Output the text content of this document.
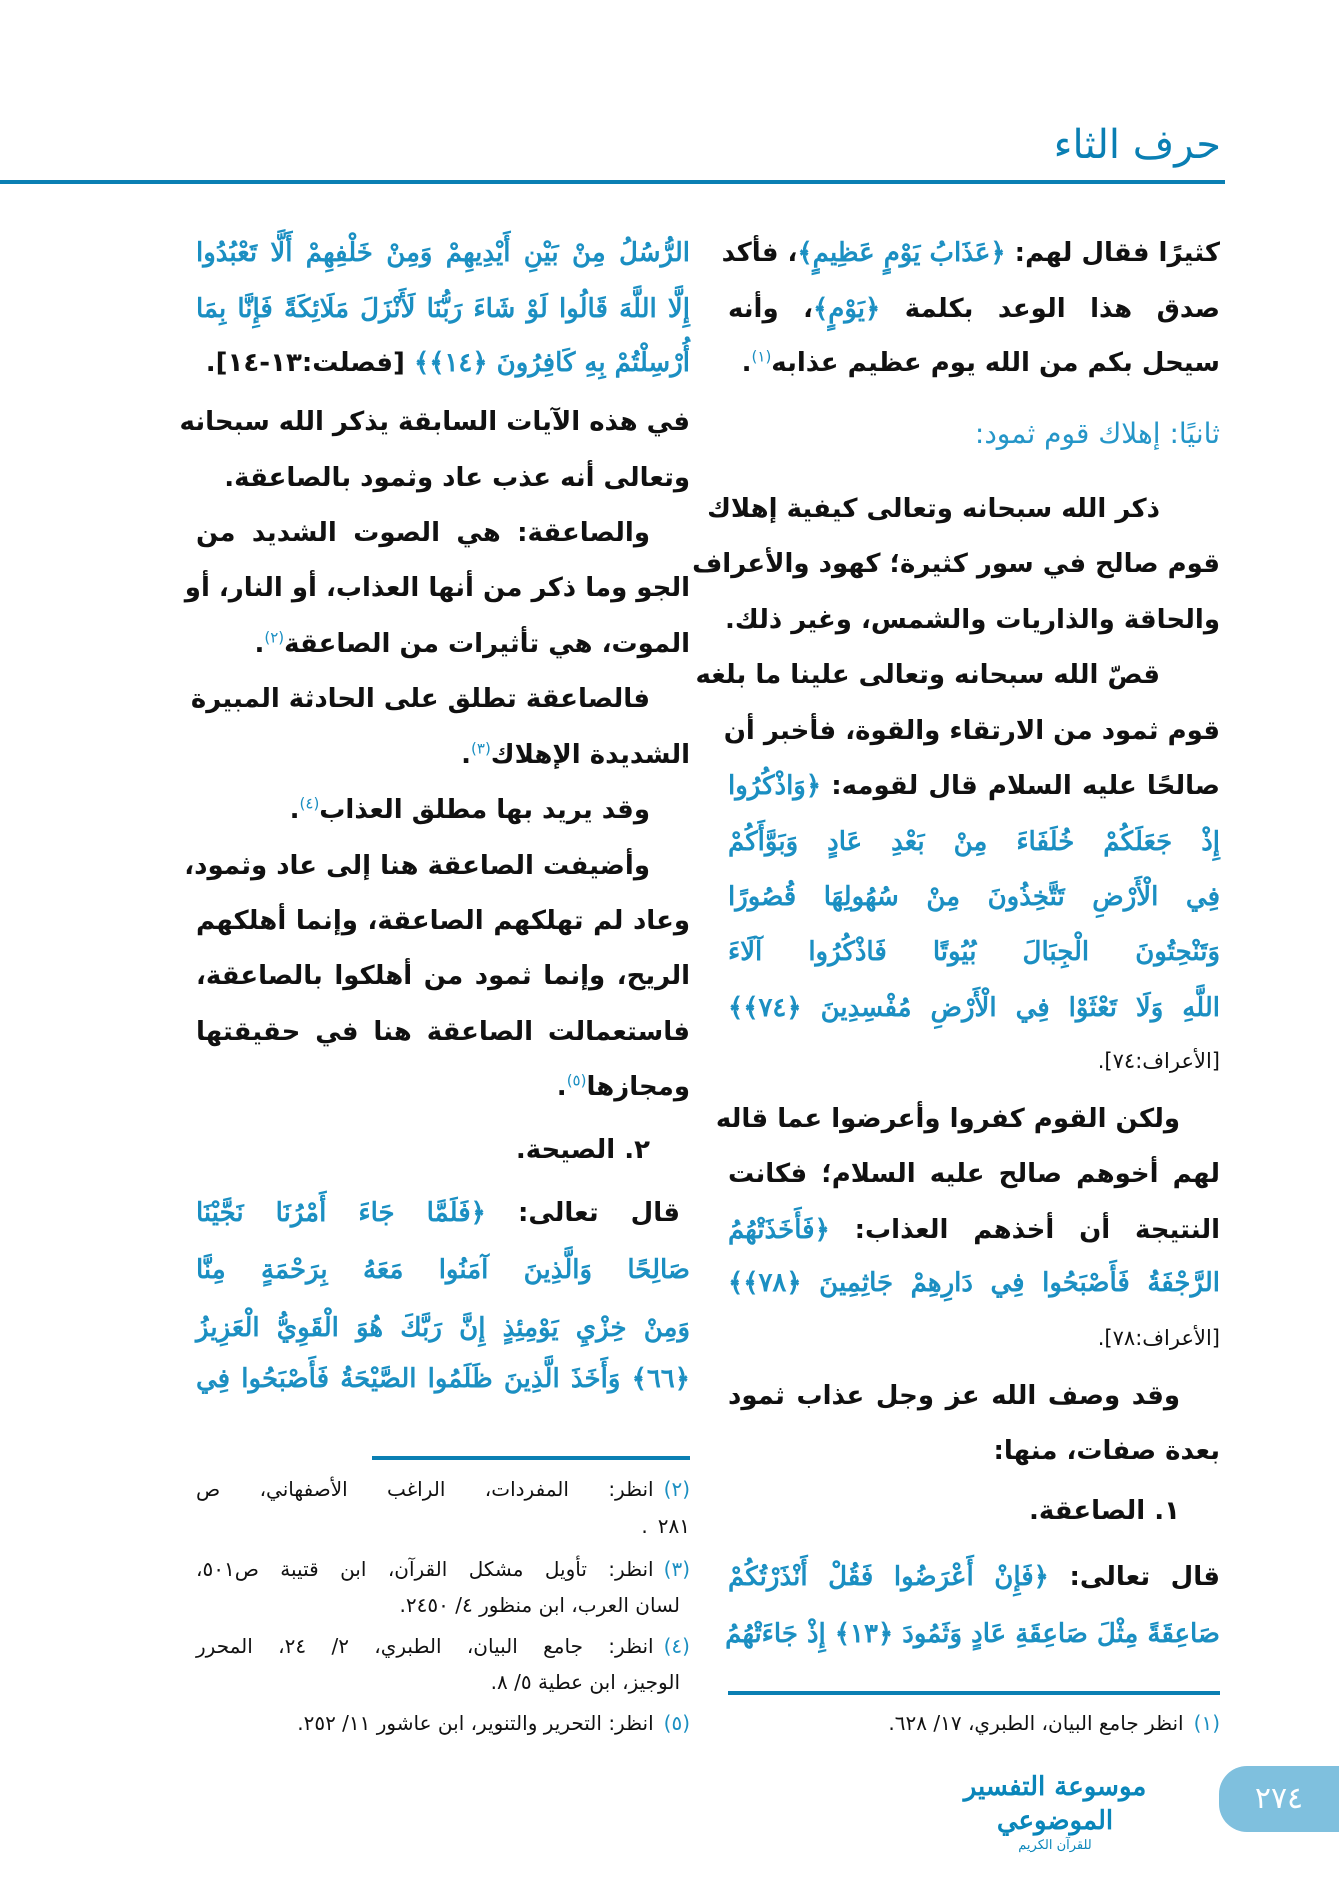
حرف الثاء
كثيرًا فقال لهم: ﴿عَذَابُ يَوْمٍ عَظِيمٍ﴾، فأكد
صدق هذا الوعد بكلمة ﴿يَوْمٍ﴾، وأنه
سيحل بكم من الله يوم عظيم عذابه$^{(١)}$.
ثانيًا: إهلاك قوم ثمود:
ذكر الله سبحانه وتعالى كيفية إهلاك
قوم صالح في سور كثيرة؛ كهود والأعراف
والحاقة والذاريات والشمس، وغير ذلك.
قصّ الله سبحانه وتعالى علينا ما بلغه
قوم ثمود من الارتقاء والقوة، فأخبر أن
صالحًا عليه السلام قال لقومه: ﴿وَاذْكُرُوا
إِذْ جَعَلَكُمْ خُلَفَاءَ مِنْ بَعْدِ عَادٍ وَبَوَّأَكُمْ
فِي الْأَرْضِ تَتَّخِذُونَ مِنْ سُهُولِهَا قُصُورًا
وَتَنْحِتُونَ الْجِبَالَ بُيُوتًا فَاذْكُرُوا آلَاءَ
اللَّهِ وَلَا تَعْثَوْا فِي الْأَرْضِ مُفْسِدِينَ ﴿٧٤﴾﴾
[الأعراف:٧٤].
ولكن القوم كفروا وأعرضوا عما قاله
لهم أخوهم صالح عليه السلام؛ فكانت
النتيجة أن أخذهم العذاب: ﴿فَأَخَذَتْهُمُ
الرَّجْفَةُ فَأَصْبَحُوا فِي دَارِهِمْ جَاثِمِينَ ﴿٧٨﴾﴾
[الأعراف:٧٨].
وقد وصف الله عز وجل عذاب ثمود
بعدة صفات، منها:
١. الصاعقة.
قال تعالى: ﴿فَإِنْ أَعْرَضُوا فَقُلْ أَنْذَرْتُكُمْ
صَاعِقَةً مِثْلَ صَاعِقَةِ عَادٍ وَثَمُودَ ﴿١٣﴾ إِذْ جَاءَتْهُمُ
الرُّسُلُ مِنْ بَيْنِ أَيْدِيهِمْ وَمِنْ خَلْفِهِمْ أَلَّا تَعْبُدُوا
إِلَّا اللَّهَ قَالُوا لَوْ شَاءَ رَبُّنَا لَأَنْزَلَ مَلَائِكَةً فَإِنَّا بِمَا
أُرْسِلْتُمْ بِهِ كَافِرُونَ ﴿١٤﴾﴾ [فصلت:١٣-١٤].
في هذه الآيات السابقة يذكر الله سبحانه
وتعالى أنه عذب عاد وثمود بالصاعقة.
والصاعقة: هي الصوت الشديد من
الجو وما ذكر من أنها العذاب، أو النار، أو
الموت، هي تأثيرات من الصاعقة$^{(٢)}$.
فالصاعقة تطلق على الحادثة المبيرة
الشديدة الإهلاك$^{(٣)}$.
وقد يريد بها مطلق العذاب$^{(٤)}$.
وأضيفت الصاعقة هنا إلى عاد وثمود،
وعاد لم تهلكهم الصاعقة، وإنما أهلكهم
الريح، وإنما ثمود من أهلكوا بالصاعقة،
فاستعمالت الصاعقة هنا في حقيقتها
ومجازها$^{(٥)}$.
٢. الصيحة.
قال تعالى: ﴿فَلَمَّا جَاءَ أَمْرُنَا نَجَّيْنَا
صَالِحًا وَالَّذِينَ آمَنُوا مَعَهُ بِرَحْمَةٍ مِنَّا
وَمِنْ خِزْيِ يَوْمِئِذٍ إِنَّ رَبَّكَ هُوَ الْقَوِيُّ الْعَزِيزُ
﴿٦٦﴾ وَأَخَذَ الَّذِينَ ظَلَمُوا الصَّيْحَةُ فَأَصْبَحُوا فِي
موسوعة التفسير الموضوعي
للقرآن الكريم
٢٧٤
(١)انظر جامع البيان، الطبري، ١٧/ ٦٢٨.
(٢)انظر: المفردات، الراغب الأصفهاني، ص
٢٨١.
(٣)انظر: تأويل مشكل القرآن، ابن قتيبة ص٥٠١،
لسان العرب، ابن منظور ٤/ ٢٤٥٠.
(٤)انظر: جامع البيان، الطبري، ٢/ ٢٤، المحرر
الوجيز، ابن عطية ٥/ ٨.
(٥)انظر: التحرير والتنوير، ابن عاشور ١١/ ٢٥٢.
